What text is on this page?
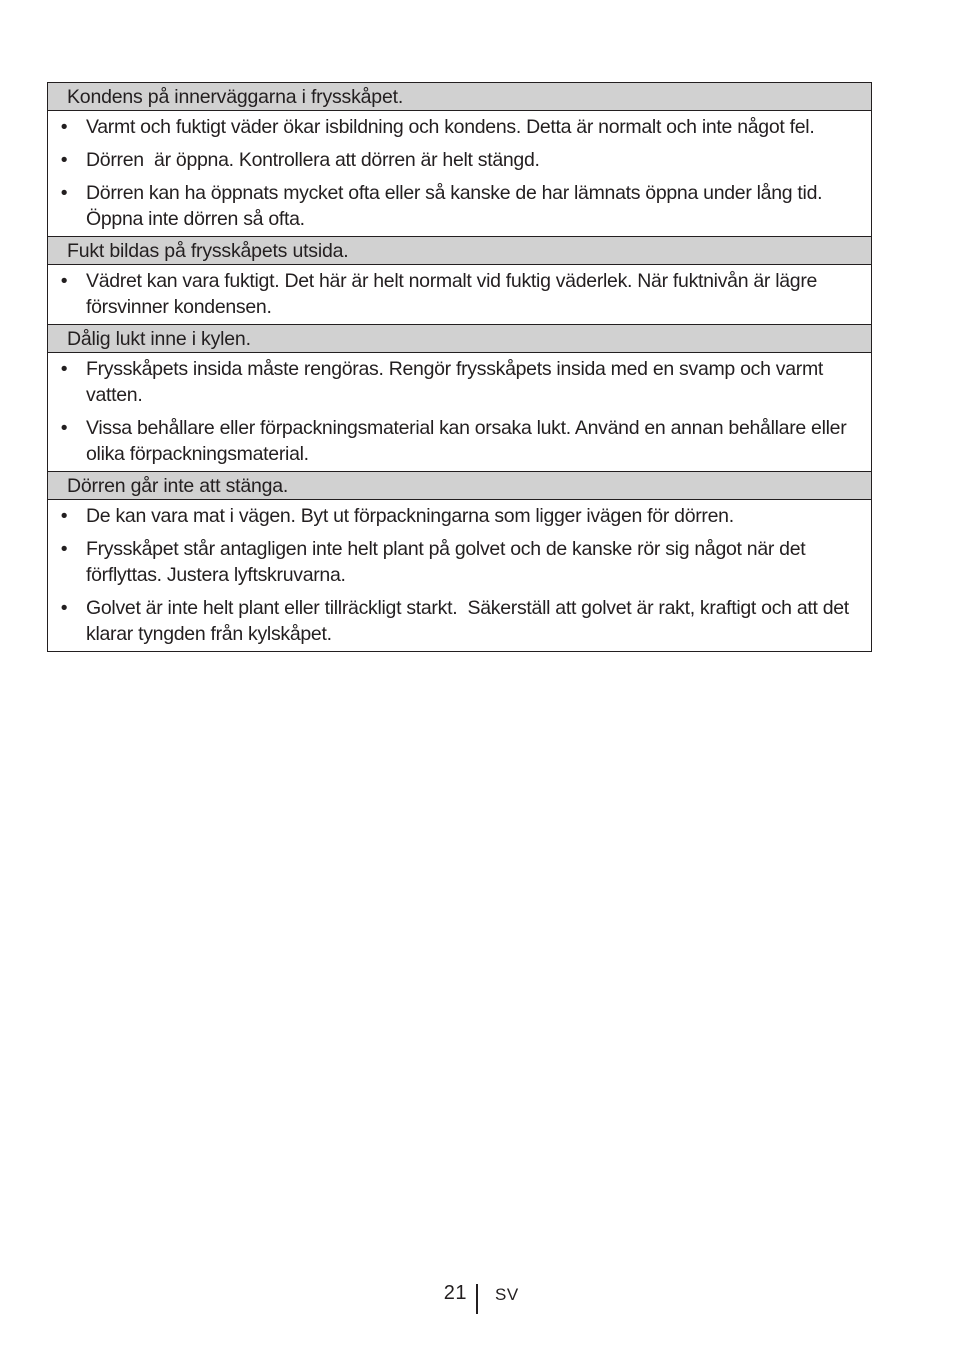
Kondens på innerväggarna i frysskåpet.
• Varmt och fuktigt väder ökar isbildning och kondens. Detta är normalt och inte något fel.
• Dörren  är öppna. Kontrollera att dörren är helt stängd.
• Dörren kan ha öppnats mycket ofta eller så kanske de har lämnats öppna under lång tid. Öppna inte dörren så ofta.
Fukt bildas på frysskåpets utsida.
• Vädret kan vara fuktigt. Det här är helt normalt vid fuktig väderlek. När fuktnivån är lägre försvinner kondensen.
Dålig lukt inne i kylen.
• Frysskåpets insida måste rengöras. Rengör frysskåpets insida med en svamp och varmt vatten.
• Vissa behållare eller förpackningsmaterial kan orsaka lukt. Använd en annan behållare eller olika förpackningsmaterial.
Dörren går inte att stänga.
• De kan vara mat i vägen. Byt ut förpackningarna som ligger ivägen för dörren.
• Frysskåpet står antagligen inte helt plant på golvet och de kanske rör sig något när det förflyttas. Justera lyftskruvarna.
• Golvet är inte helt plant eller tillräckligt starkt.  Säkerställ att golvet är rakt, kraftigt och att det klarar tyngden från kylskåpet.
21 SV
